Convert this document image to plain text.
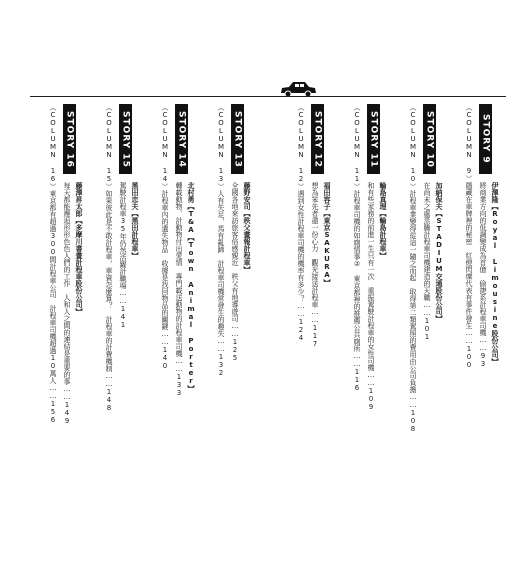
STORY 9
伊澤隆【Royal Limousine股份公司】
將商業方向的低調變成為首億　偷捷系計程車司機……93
（COLUMN 9）隱藏在車牌裡的秘密　紅燈閃爍代表有事件發生……100
STORY 10
加納保夫【STADIUM交通股份公司】
在尚未之處蒸騰計程車司機建造的天職……101
（COLUMN 10）計程車業變得從這一隨之而起　取得第二類駕照的費用由公司負擔……108
STORY 11
輪島真理【輪島計程車】
和有些家務的前進一生只有一次　重振駕駛計程車的女性司機……109
（COLUMN 11）計程車司機的如廁情事②　東京都裡的推薦公共廁所……116
STORY 12
福田容子【東京SAKURA】
想為笨先者盡一份心力　觀光接送計程車……117
（COLUMN 12）遇到女性計程車司機的機率有多少？……124
STORY 13
藤野安司【秩父畫報計程車】
全國各地來訪旅客倍感親近　秩父有地導遊司……125
（COLUMN 13）人有失足，馬有亂蹄　計程車司機常發生的趣失……132
STORY 14
北村勇【T&A【Town Animal Porter】
轉載動物．計動物付出愛情　專門載送動物的計程車司機……133
（COLUMN 14）計程車內的遺失物品　收據是找回物品的關鍵……140
STORY 15
黑田忠夫【黑田計程車】
駕駛計程車35年仍然活躍計職場……141
（COLUMN 15）如果彼此是不敢計程車，車資怎麼算？　計程車的計費機制……148
STORY 16
藤澤昇太郎【多摩川書畫計程車股份公司】
每天都能邂逅形形色色人們的工作　人和人之間的連結是重要的事……149
（COLUMN 16）東京都有超過300間計程車公司　計程車司機超過10萬人……156
